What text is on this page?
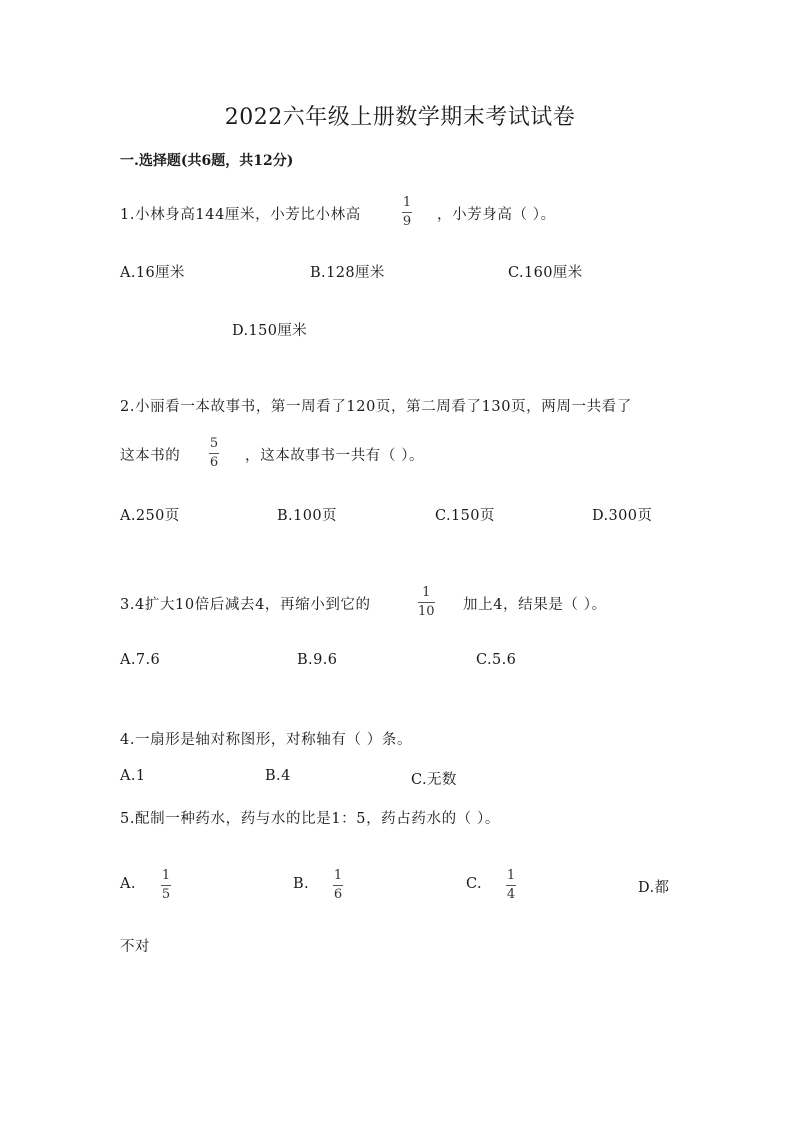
2022六年级上册数学期末考试试卷
一.选择题(共6题，共12分)
1.小林身高144厘米，小芳比小林高
1
9 ，小芳身高（ ）。
A.16厘米	B.128厘米	C.160厘米
D.150厘米
2.小丽看一本故事书，第一周看了120页，第二周看了130页，两周一共看了
这本书的
5
6 ，这本故事书一共有（ ）。
A.250页	B.100页	C.150页	D.300页
3.4扩大10倍后减去4，再缩小到它的
1
10 加上4，结果是（ ）。
A.7.6	B.9.6	C.5.6
4.一扇形是轴对称图形，对称轴有（ ）条。
A.1	B.4	C.无数
5.配制一种药水，药与水的比是1：5，药占药水的（ ）。
A.
1
5
B.
1
6
C.
1
4	D.都
不对
